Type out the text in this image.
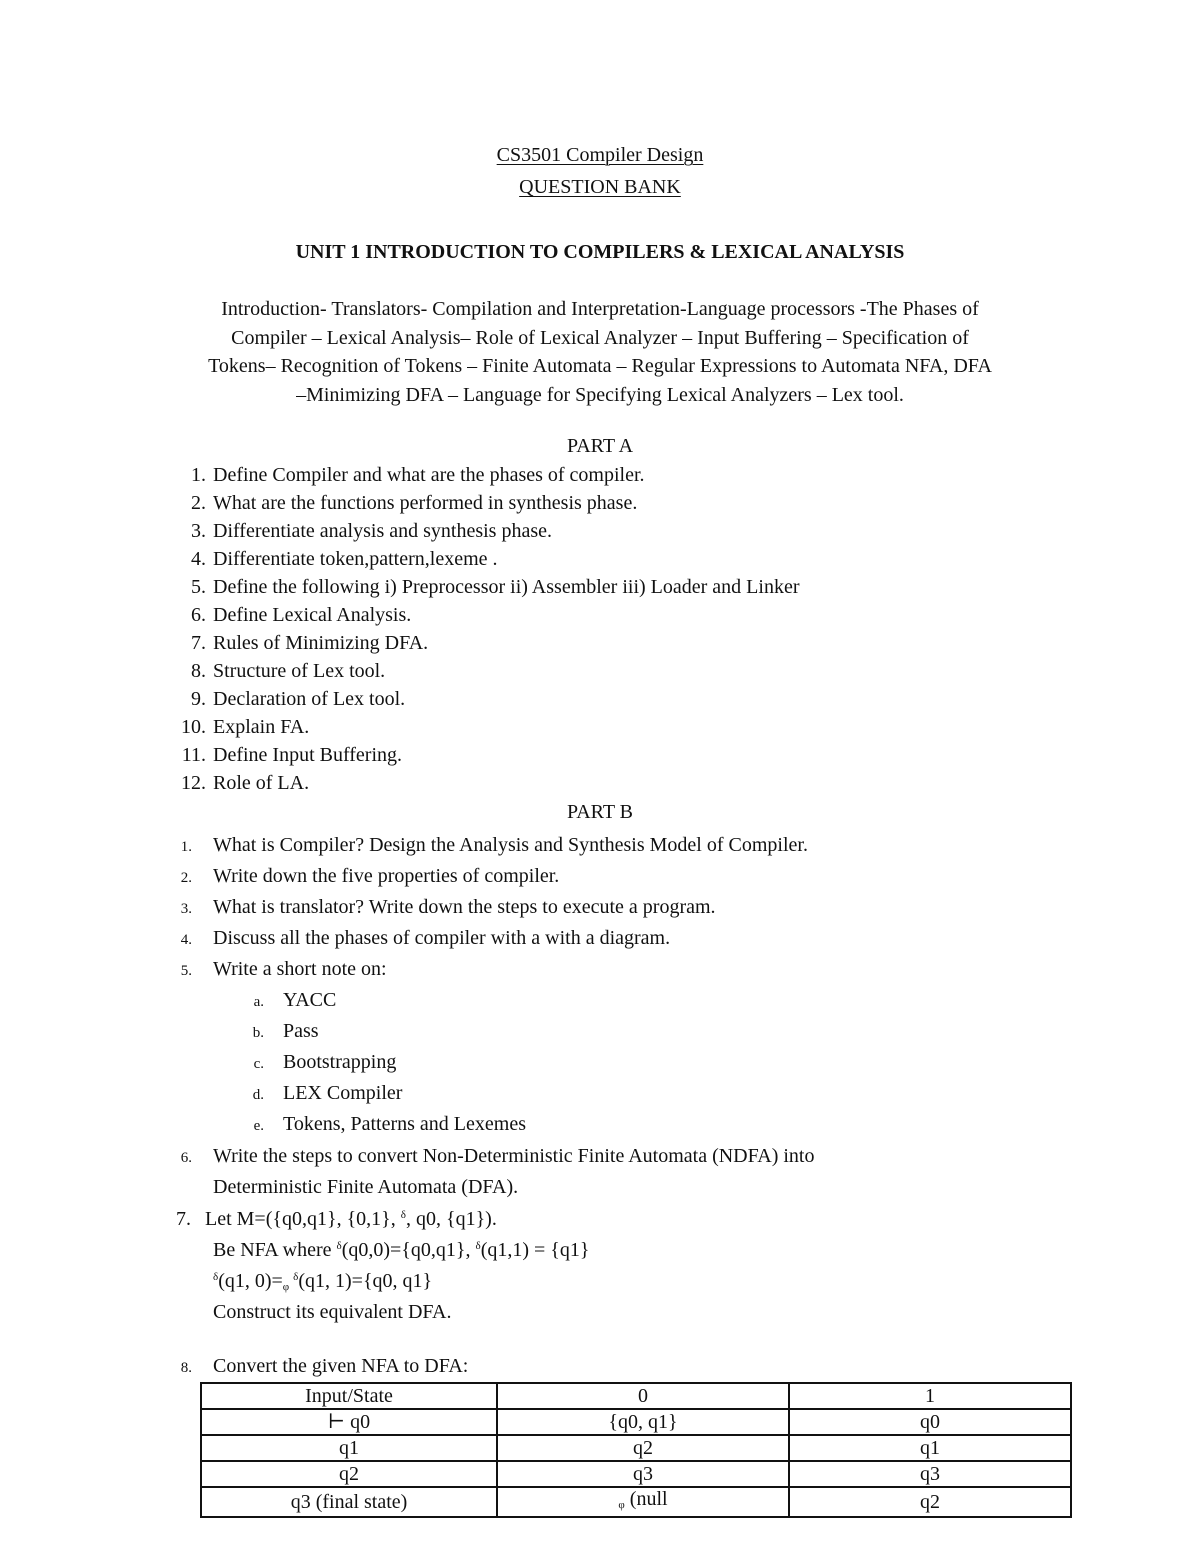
CS3501 Compiler Design
QUESTION BANK
UNIT 1 INTRODUCTION TO COMPILERS & LEXICAL ANALYSIS
Introduction- Translators- Compilation and Interpretation-Language processors -The Phases of
Compiler – Lexical Analysis– Role of Lexical Analyzer – Input Buffering – Specification of
Tokens– Recognition of Tokens – Finite Automata – Regular Expressions to Automata NFA, DFA
–Minimizing DFA – Language for Specifying Lexical Analyzers – Lex tool.
PART A
1. Define Compiler and what are the phases of compiler.
2. What are the functions performed in synthesis phase.
3. Differentiate analysis and synthesis phase.
4. Differentiate token,pattern,lexeme .
5. Define the following i) Preprocessor ii) Assembler iii) Loader and Linker
6. Define Lexical Analysis.
7. Rules of Minimizing DFA.
8. Structure of Lex tool.
9. Declaration of Lex tool.
10. Explain FA.
11. Define Input Buffering.
12. Role of LA.
PART B
1. What is Compiler? Design the Analysis and Synthesis Model of Compiler.
2. Write down the five properties of compiler.
3. What is translator? Write down the steps to execute a program.
4. Discuss all the phases of compiler with a with a diagram.
5. Write a short note on:
a. YACC
b. Pass
c. Bootstrapping
d. LEX Compiler
e. Tokens, Patterns and Lexemes
6. Write the steps to convert Non-Deterministic Finite Automata (NDFA) into
Deterministic Finite Automata (DFA).
7. Let M=({q0,q1}, {0,1}, $^\delta$, q0, {q1}).
Be NFA where $^\delta$(q0,0)={q0,q1}, $^\delta$(q1,1) = {q1}
$^\delta$(q1, $0)=_\varphi^\delta(q1$, 1)={q0, q1}
Construct its equivalent DFA.
8. Convert the given NFA to DFA:
Input/State	0	1
⊢ q0	{q0, q1}	q0
q1	q2	q1
q2	q3	q3
q3 (final state)	$_\varphi$ (null	q2
